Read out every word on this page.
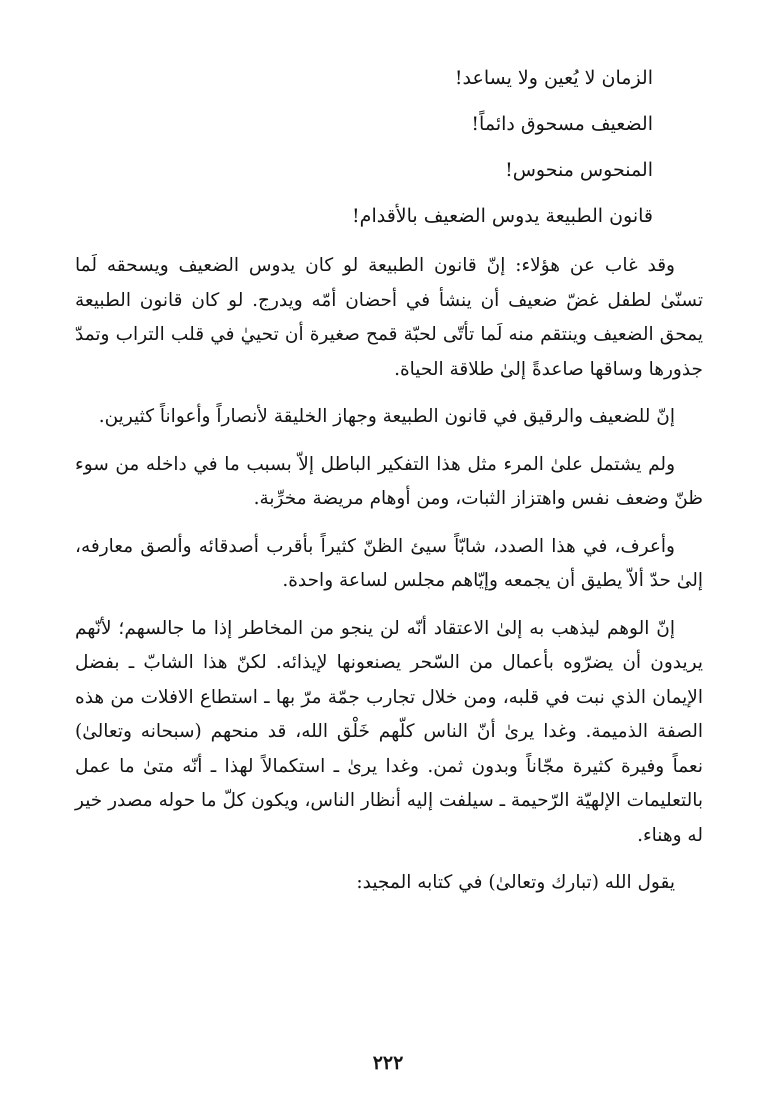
الزمان لا يُعين ولا يساعد!
الضعيف مسحوق دائماً!
المنحوس منحوس!
قانون الطبيعة يدوس الضعيف بالأقدام!

وقد غاب عن هؤلاء: إنّ قانون الطبيعة لو كان يدوس الضعيف ويسحقه لَما تسنّىٰ لطفل غضّ ضعيف أن ينشأ في أحضان أمّه ويدرج. لو كان قانون الطبيعة يمحق الضعيف وينتقم منه لَما تأتّى لحبّة قمح صغيرة أن تحييٰ في قلب التراب وتمدّ جذورها وساقها صاعدةً إلىٰ طلاقة الحياة.

إنّ للضعيف والرقيق في قانون الطبيعة وجهاز الخليقة لأنصاراً وأعواناً كثيرين.

ولم يشتمل علىٰ المرء مثل هذا التفكير الباطل إلاّ بسبب ما في داخله من سوء ظنّ وضعف نفس واهتزاز الثبات، ومن أوهام مريضة مخرِّبة.

وأعرف، في هذا الصدد، شابّاً سيئ الظنّ كثيراً بأقرب أصدقائه وألصق معارفه، إلىٰ حدّ ألاّ يطيق أن يجمعه وإيّاهم مجلس لساعة واحدة.

إنّ الوهم ليذهب به إلىٰ الاعتقاد أنّه لن ينجو من المخاطر إذا ما جالسهم؛ لأنّهم يريدون أن يضرّوه بأعمال من السّحر يصنعونها لإيذائه. لكنّ هذا الشابّ ـ بفضل الإيمان الذي نبت في قلبه، ومن خلال تجارب جمّة مرّ بها ـ استطاع الافلات من هذه الصفة الذميمة. وغدا يرىٰ أنّ الناس كلّهم خَلْق الله، قد منحهم (سبحانه وتعالىٰ) نعماً وفيرة كثيرة مجّاناً وبدون ثمن. وغدا يرىٰ ـ استكمالاً لهذا ـ أنّه متىٰ ما عمل بالتعليمات الإلهيّة الرّحيمة ـ سيلفت إليه أنظار الناس، ويكون كلّ ما حوله مصدر خير له وهناء.

يقول الله (تبارك وتعالىٰ) في كتابه المجيد:
٢٢٢
